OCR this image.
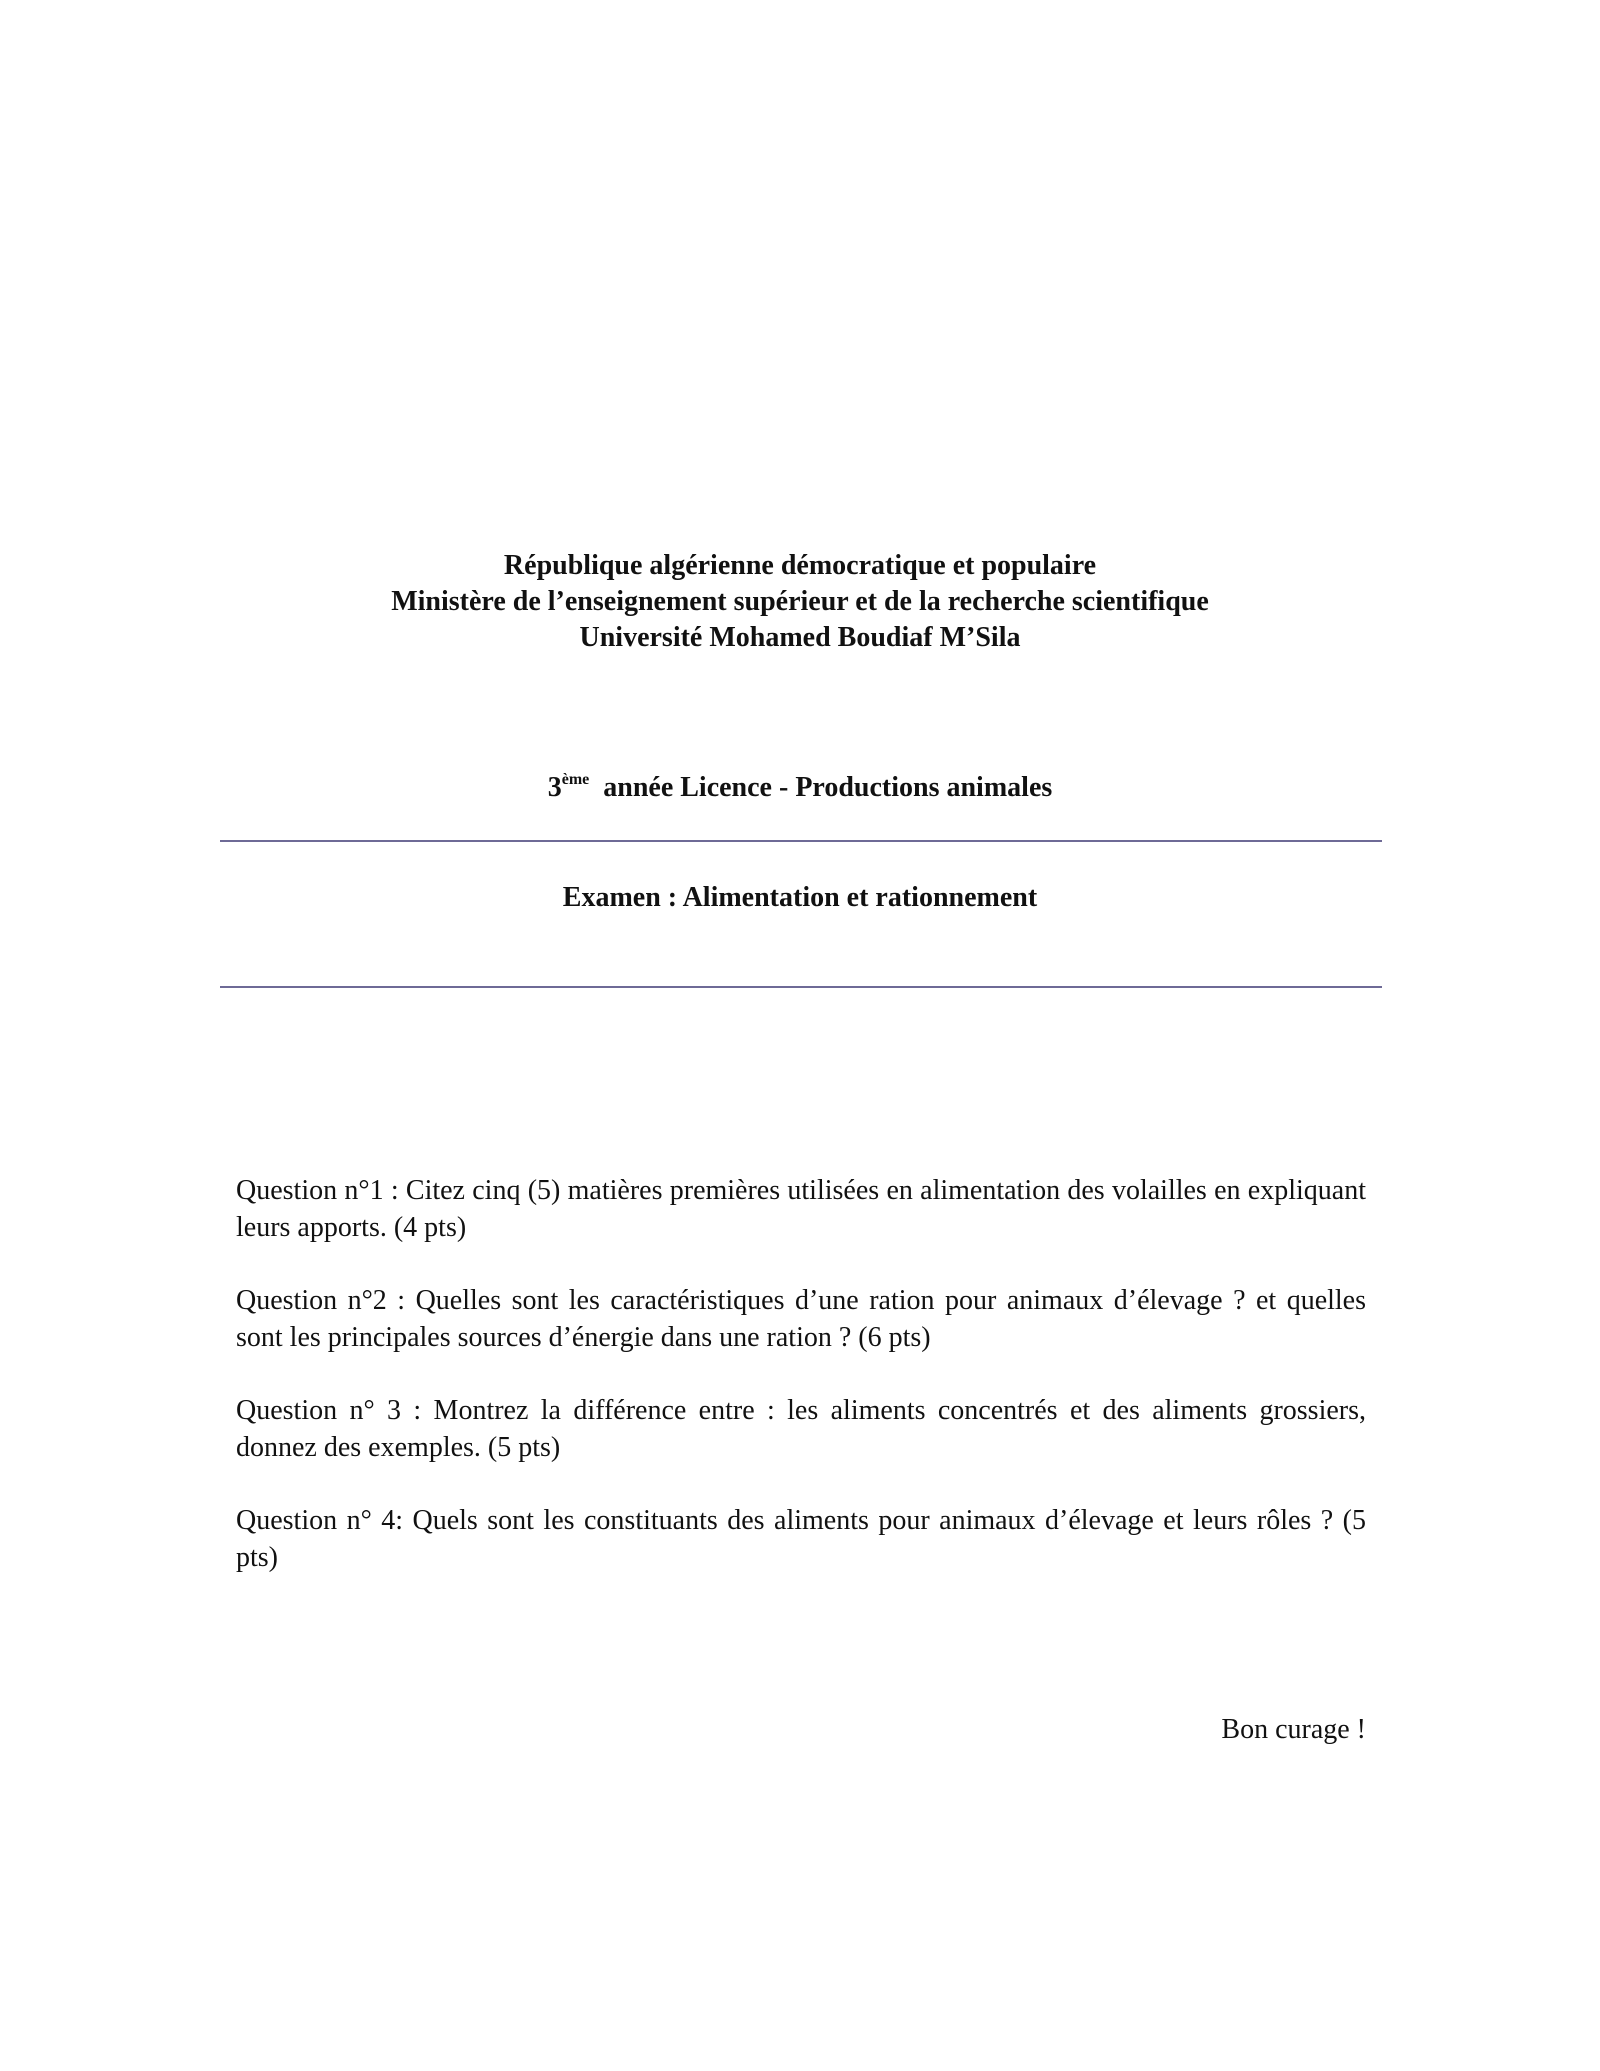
République algérienne démocratique et populaire
Ministère de l’enseignement supérieur et de la recherche scientifique
Université Mohamed Boudiaf M’Sila
3ème année Licence - Productions animales
Examen : Alimentation et rationnement

Question n°1 : Citez cinq (5) matières premières utilisées en alimentation des volailles en expliquant leurs apports. (4 pts)

Question n°2 : Quelles sont les caractéristiques d’une ration pour animaux d’élevage ? et quelles sont les principales sources d’énergie dans une ration ? (6 pts)

Question n° 3 : Montrez la différence entre : les aliments concentrés et des aliments grossiers, donnez des exemples. (5 pts)

Question n° 4: Quels sont les constituants des aliments pour animaux d’élevage et leurs rôles ? (5 pts)

Bon curage !
